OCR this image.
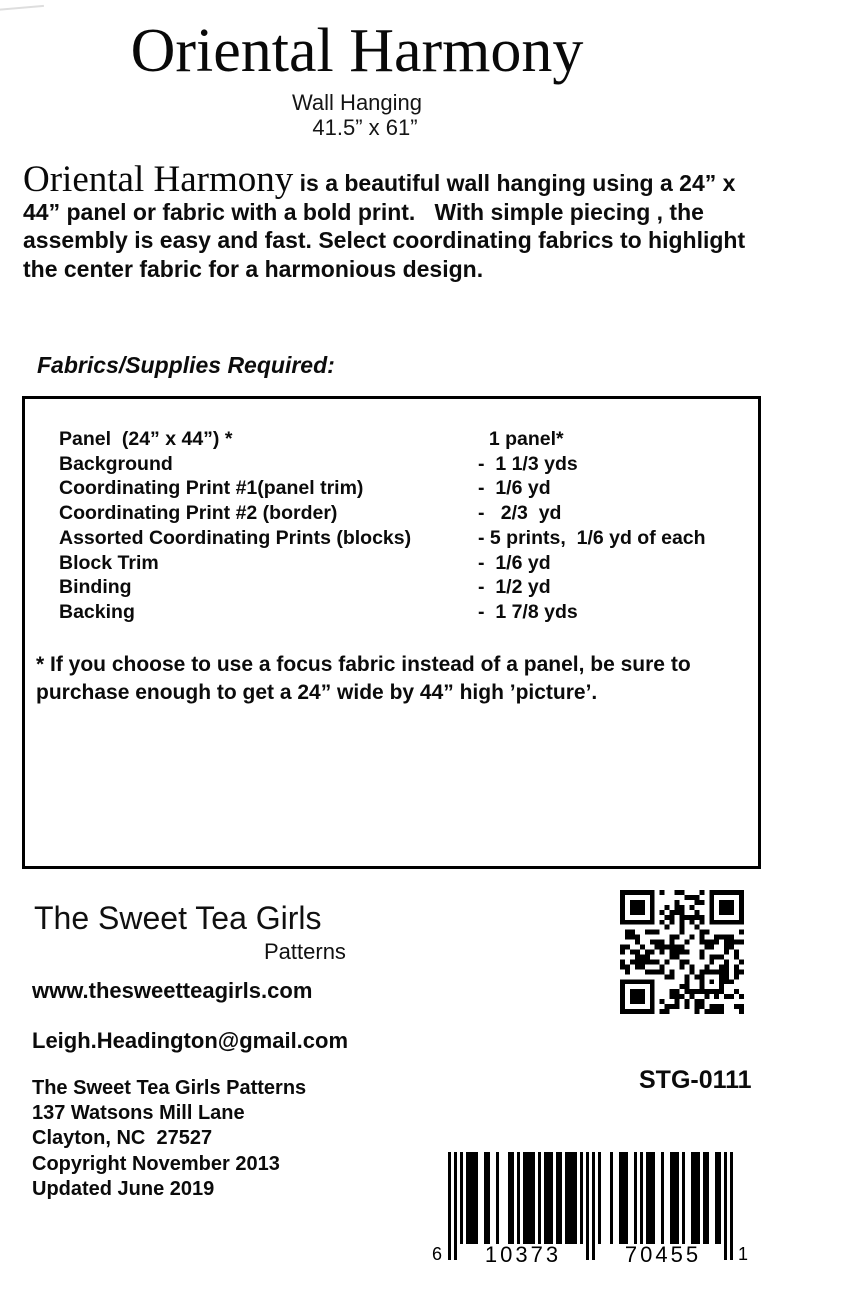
Oriental Harmony
Wall Hanging
41.5” x 61”
Oriental Harmony is a beautiful wall hanging using a 24” x
44” panel or fabric with a bold print.   With simple piecing , the
assembly is easy and fast. Select coordinating fabrics to highlight
the center fabric for a harmonious design.
Fabrics/Supplies Required:
Panel  (24” x 44”) *	1 panel*
Background	-  1 1/3 yds
Coordinating Print #1(panel trim)	-  1/6 yd
Coordinating Print #2 (border)	-   2/3  yd
Assorted Coordinating Prints (blocks)	- 5 prints,  1/6 yd of each
Block Trim	-  1/6 yd
Binding	-  1/2 yd
Backing	-  1 7/8 yds
* If you choose to use a focus fabric instead of a panel, be sure to
purchase enough to get a 24” wide by 44” high ’picture’.
The Sweet Tea Girls
Patterns
www.thesweetteagirls.com
Leigh.Headington@gmail.com
The Sweet Tea Girls Patterns
137 Watsons Mill Lane
Clayton, NC  27527
Copyright November 2013
Updated June 2019
STG-0111
6	10373	70455	1
